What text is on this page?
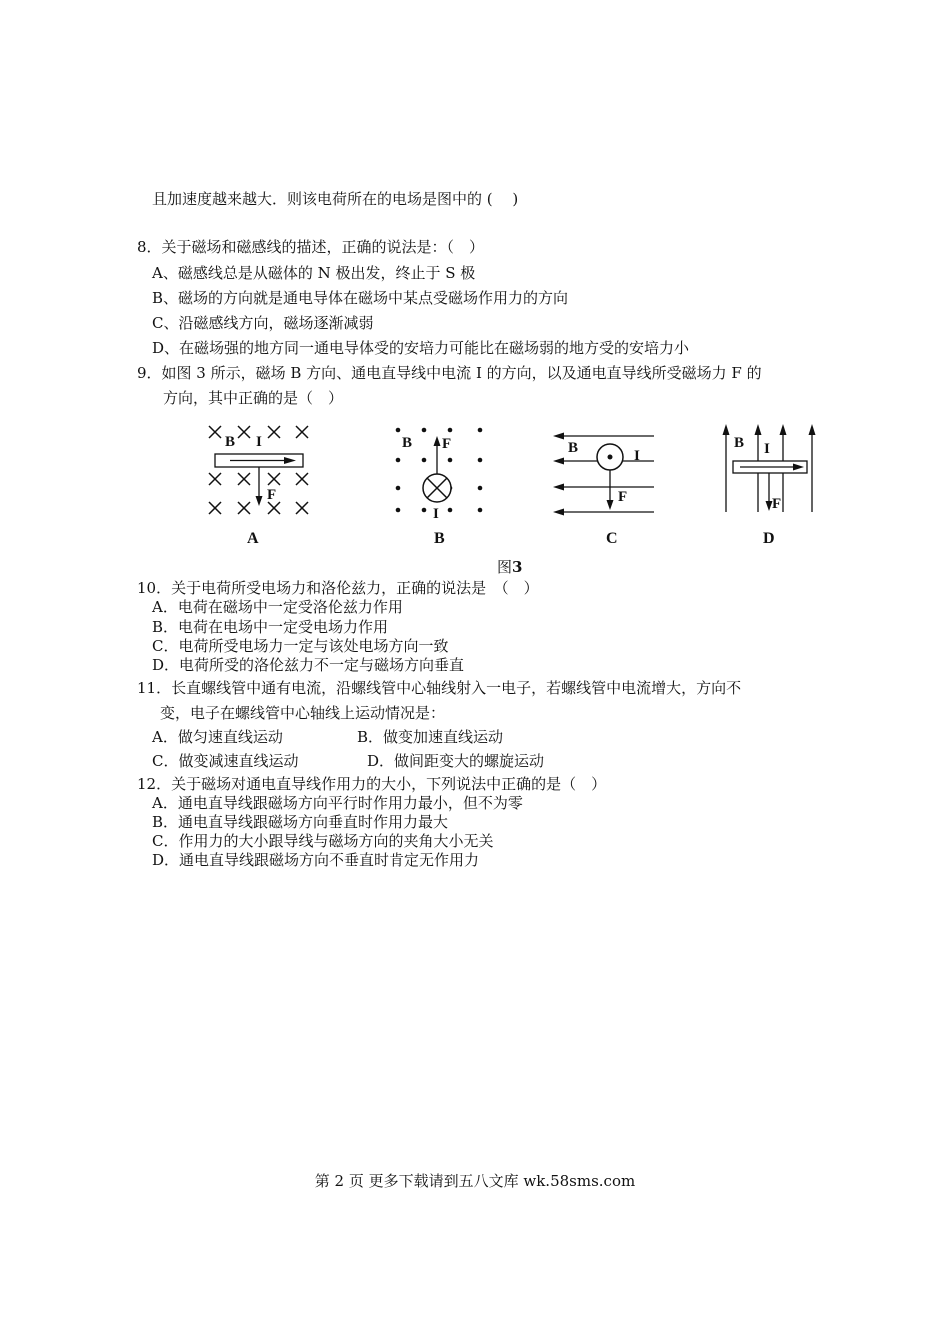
且加速度越来越大．则该电荷所在的电场是图中的 (　 )
8．关于磁场和磁感线的描述，正确的说法是：（　）
A、磁感线总是从磁体的 N 极出发，终止于 S 极
B、磁场的方向就是通电导体在磁场中某点受磁场作用力的方向
C、沿磁感线方向，磁场逐渐减弱
D、在磁场强的地方同一通电导体受的安培力可能比在磁场弱的地方受的安培力小
9．如图 3 所示，磁场 B 方向、通电直导线中电流 I 的方向，以及通电直导线所受磁场力 F 的
方向，其中正确的是（　）
B I
F
B F
I
B	I
F
B I
F
A	B	C	D
图3
10．关于电荷所受电场力和洛伦兹力，正确的说法是　（　）
A．电荷在磁场中一定受洛伦兹力作用
B．电荷在电场中一定受电场力作用
C．电荷所受电场力一定与该处电场方向一致
D．电荷所受的洛伦兹力不一定与磁场方向垂直
11．长直螺线管中通有电流，沿螺线管中心轴线射入一电子，若螺线管中电流增大，方向不
变，电子在螺线管中心轴线上运动情况是：
A．做匀速直线运动	B．做变加速直线运动
C．做变减速直线运动	D．做间距变大的螺旋运动
12．关于磁场对通电直导线作用力的大小，下列说法中正确的是（　）
A．通电直导线跟磁场方向平行时作用力最小，但不为零
B．通电直导线跟磁场方向垂直时作用力最大
C．作用力的大小跟导线与磁场方向的夹角大小无关
D．通电直导线跟磁场方向不垂直时肯定无作用力
第 2 页 更多下载请到五八文库 wk.58sms.com
